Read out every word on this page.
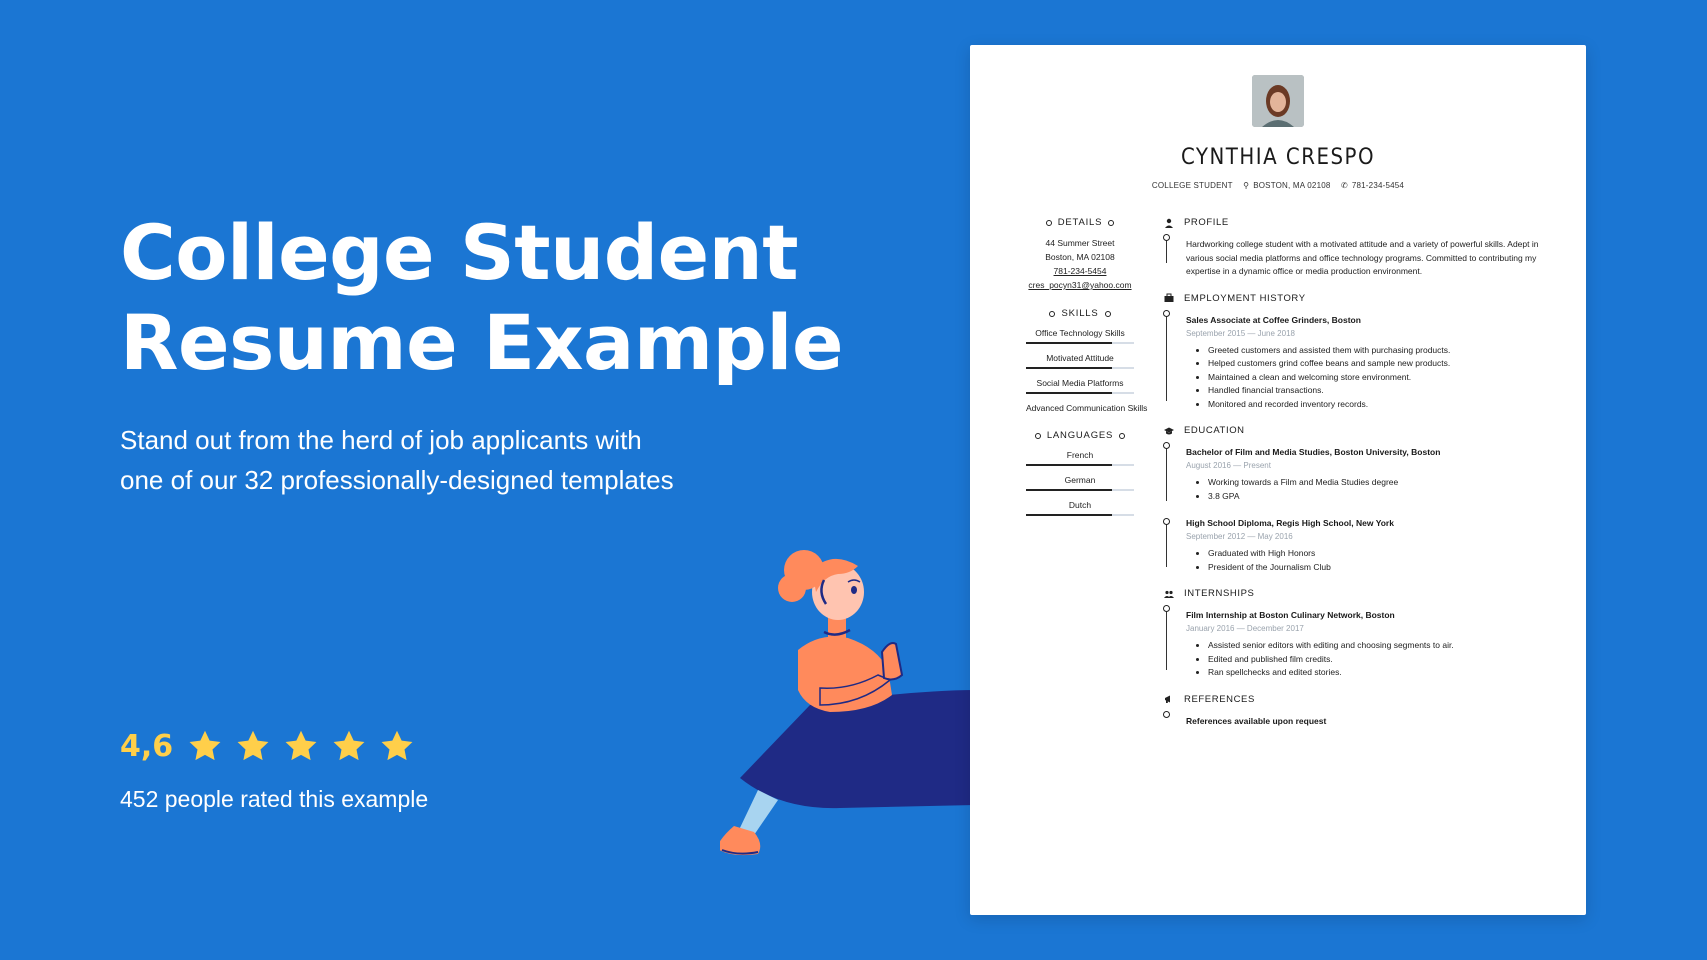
College Student
Resume Example
Stand out from the herd of job applicants with one of our 32 professionally-designed templates
4,6
452 people rated this example
CYNTHIA CRESPO
COLLEGE STUDENT ⚲ BOSTON, MA 02108 ✆ 781-234-5454
DETAILS
44 Summer Street
Boston, MA 02108
781-234-5454
cres_pocyn31@yahoo.com
SKILLS
Office Technology Skills
Motivated Attitude
Social Media Platforms
Advanced Communication Skills
LANGUAGES
French
German
Dutch
PROFILE
Hardworking college student with a motivated attitude and a variety of powerful skills. Adept in various social media platforms and office technology programs. Committed to contributing my expertise in a dynamic office or media production environment.
EMPLOYMENT HISTORY
Sales Associate at Coffee Grinders, Boston
September 2015 — June 2018
• Greeted customers and assisted them with purchasing products.
• Helped customers grind coffee beans and sample new products.
• Maintained a clean and welcoming store environment.
• Handled financial transactions.
• Monitored and recorded inventory records.
EDUCATION
Bachelor of Film and Media Studies, Boston University, Boston
August 2016 — Present
• Working towards a Film and Media Studies degree
• 3.8 GPA
High School Diploma, Regis High School, New York
September 2012 — May 2016
• Graduated with High Honors
• President of the Journalism Club
INTERNSHIPS
Film Internship at Boston Culinary Network, Boston
January 2016 — December 2017
• Assisted senior editors with editing and choosing segments to air.
• Edited and published film credits.
• Ran spellchecks and edited stories.
REFERENCES
References available upon request
